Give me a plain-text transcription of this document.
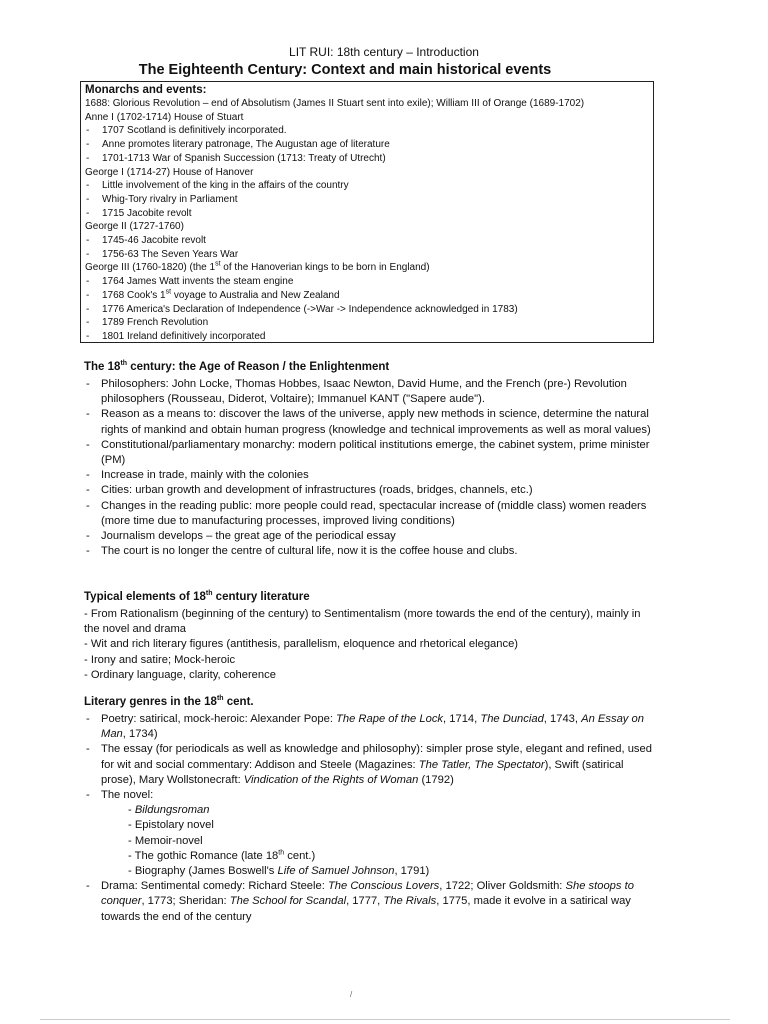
LIT RUI: 18th century – Introduction
The Eighteenth Century: Context and main historical events
Monarchs and events:
1688: Glorious Revolution – end of Absolutism (James II Stuart sent into exile); William III of Orange (1689-1702)
Anne I (1702-1714) House of Stuart
- 1707 Scotland is definitively incorporated.
- Anne promotes literary patronage, The Augustan age of literature
- 1701-1713 War of Spanish Succession (1713: Treaty of Utrecht)
George I (1714-27) House of Hanover
- Little involvement of the king in the affairs of the country
- Whig-Tory rivalry in Parliament
- 1715 Jacobite revolt
George II (1727-1760)
- 1745-46 Jacobite revolt
- 1756-63 The Seven Years War
George III (1760-1820) (the 1st of the Hanoverian kings to be born in England)
- 1764 James Watt invents the steam engine
- 1768 Cook's 1st voyage to Australia and New Zealand
- 1776 America's Declaration of Independence (->War -> Independence acknowledged in 1783)
- 1789 French Revolution
- 1801 Ireland definitively incorporated
The 18th century: the Age of Reason / the Enlightenment
- Philosophers: John Locke, Thomas Hobbes, Isaac Newton, David Hume, and the French (pre-) Revolution philosophers (Rousseau, Diderot, Voltaire); Immanuel KANT ("Sapere aude").
- Reason as a means to: discover the laws of the universe, apply new methods in science, determine the natural rights of mankind and obtain human progress (knowledge and technical improvements as well as moral values)
- Constitutional/parliamentary monarchy: modern political institutions emerge, the cabinet system, prime minister (PM)
- Increase in trade, mainly with the colonies
- Cities: urban growth and development of infrastructures (roads, bridges, channels, etc.)
- Changes in the reading public: more people could read, spectacular increase of (middle class) women readers (more time due to manufacturing processes, improved living conditions)
- Journalism develops – the great age of the periodical essay
- The court is no longer the centre of cultural life, now it is the coffee house and clubs.
Typical elements of 18th century literature
- From Rationalism (beginning of the century) to Sentimentalism (more towards the end of the century), mainly in the novel and drama
- Wit and rich literary figures (antithesis, parallelism, eloquence and rhetorical elegance)
- Irony and satire; Mock-heroic
- Ordinary language, clarity, coherence
Literary genres in the 18th cent.
- Poetry: satirical, mock-heroic: Alexander Pope: The Rape of the Lock, 1714, The Dunciad, 1743, An Essay on Man, 1734)
- The essay (for periodicals as well as knowledge and philosophy): simpler prose style, elegant and refined, used for wit and social commentary: Addison and Steele (Magazines: The Tatler, The Spectator), Swift (satirical prose), Mary Wollstonecraft: Vindication of the Rights of Woman (1792)
- The novel:
- Bildungsroman
- Epistolary novel
- Memoir-novel
- The gothic Romance (late 18th cent.)
- Biography (James Boswell's Life of Samuel Johnson, 1791)
- Drama: Sentimental comedy: Richard Steele: The Conscious Lovers, 1722; Oliver Goldsmith: She stoops to conquer, 1773; Sheridan: The School for Scandal, 1777, The Rivals, 1775, made it evolve in a satirical way towards the end of the century
/
